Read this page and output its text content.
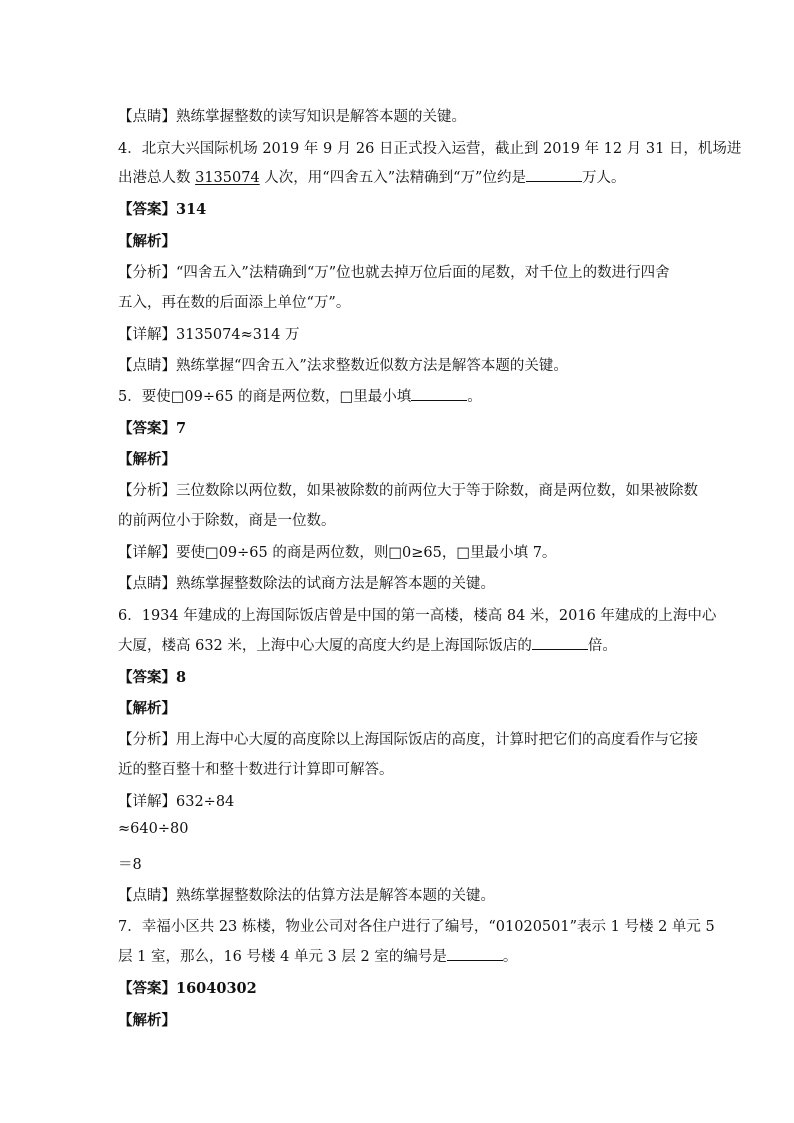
【点睛】熟练掌握整数的读写知识是解答本题的关键。
4．北京大兴国际机场 2019 年 9 月 26 日正式投入运营，截止到 2019 年 12 月 31 日，机场进
出港总人数 3135074 人次，用“四舍五入”法精确到“万”位约是	万人。
【答案】314
【解析】
【分析】“四舍五入”法精确到“万”位也就去掉万位后面的尾数，对千位上的数进行四舍
五入，再在数的后面添上单位“万”。
【详解】3135074≈314 万
【点睛】熟练掌握“四舍五入”法求整数近似数方法是解答本题的关键。
5．要使□09÷65 的商是两位数，□里最小填	。
【答案】7
【解析】
【分析】三位数除以两位数，如果被除数的前两位大于等于除数，商是两位数，如果被除数
的前两位小于除数，商是一位数。
【详解】要使□09÷65 的商是两位数，则□0≥65，□里最小填 7。
【点睛】熟练掌握整数除法的试商方法是解答本题的关键。
6．1934 年建成的上海国际饭店曾是中国的第一高楼，楼高 84 米，2016 年建成的上海中心
大厦，楼高 632 米，上海中心大厦的高度大约是上海国际饭店的	倍。
【答案】8
【解析】
【分析】用上海中心大厦的高度除以上海国际饭店的高度，计算时把它们的高度看作与它接
近的整百整十和整十数进行计算即可解答。
【详解】632÷84
≈640÷80
＝8
【点睛】熟练掌握整数除法的估算方法是解答本题的关键。
7．幸福小区共 23 栋楼，物业公司对各住户进行了编号，“01020501”表示 1 号楼 2 单元 5
层 1 室，那么，16 号楼 4 单元 3 层 2 室的编号是	。
【答案】16040302
【解析】
